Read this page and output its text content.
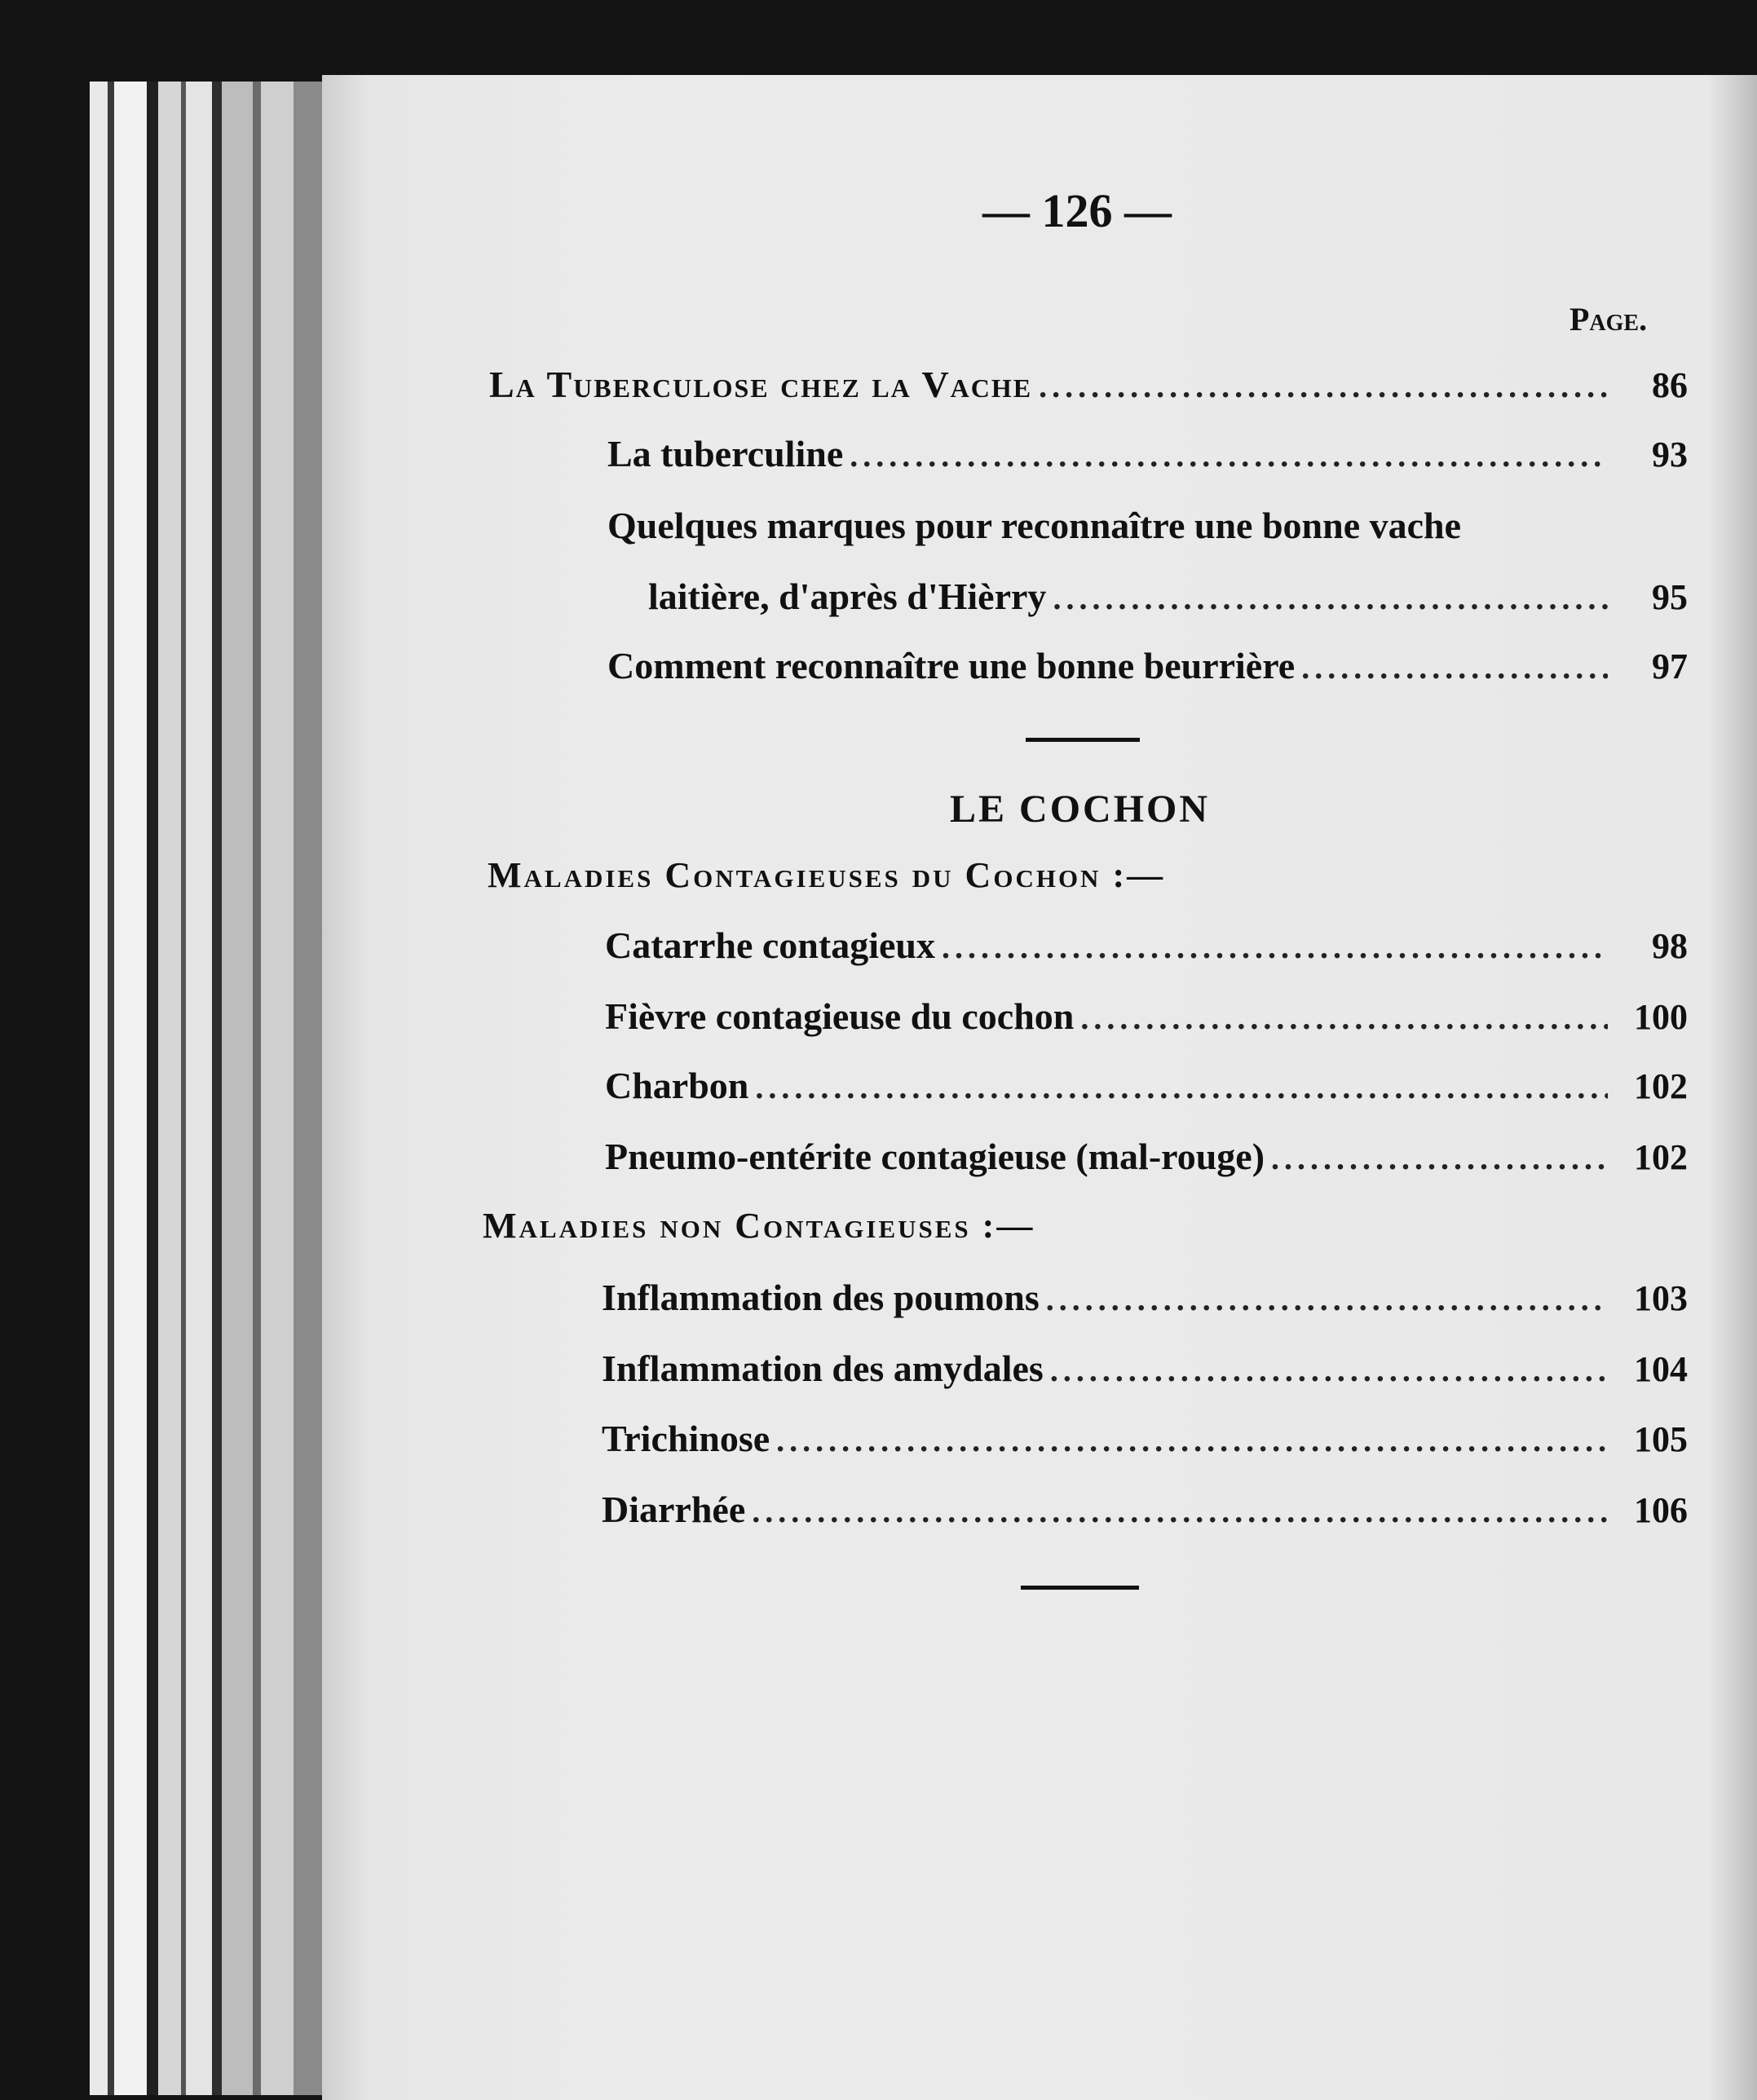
— 126 —
Page.
La Tuberculose chez la Vache .....	86
La tuberculine .....	93
Quelques marques pour reconnaître une bonne vache
laitière, d'après d'Hièrry .....	95
Comment reconnaître une bonne beurrière .....	97
LE COCHON
Maladies Contagieuses du Cochon :—
Catarrhe contagieux .....	98
Fièvre contagieuse du cochon .....	100
Charbon .....	102
Pneumo-entérite contagieuse (mal-rouge) .....	102
Maladies non Contagieuses :—
Inflammation des poumons .....	103
Inflammation des amydales .....	104
Trichinose .....	105
Diarrhée .....	106
